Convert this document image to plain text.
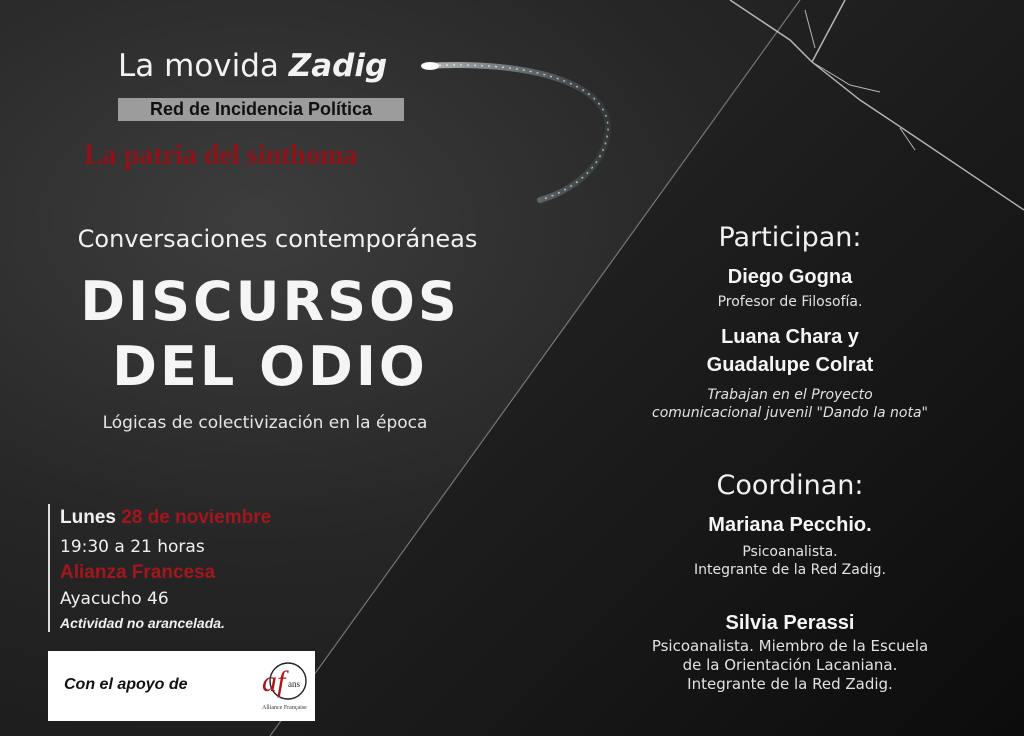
La movida Zadig
Red de Incidencia Política
La patria del sinthoma
Conversaciones contemporáneas
DISCURSOS
DEL ODIO
Lógicas de colectivización en la época
Lunes 28 de noviembre
19:30 a 21 horas
Alianza Francesa
Ayacucho 46
Actividad no arancelada.
Con el apoyo de af ans
Alliance Française
Participan:
Diego Gogna
Profesor de Filosofía.
Luana Chara y
Guadalupe Colrat
Trabajan en el Proyecto
comunicacional juvenil "Dando la nota"
Coordinan:
Mariana Pecchio.
Psicoanalista.
Integrante de la Red Zadig.
Silvia Perassi
Psicoanalista. Miembro de la Escuela
de la Orientación Lacaniana.
Integrante de la Red Zadig.
